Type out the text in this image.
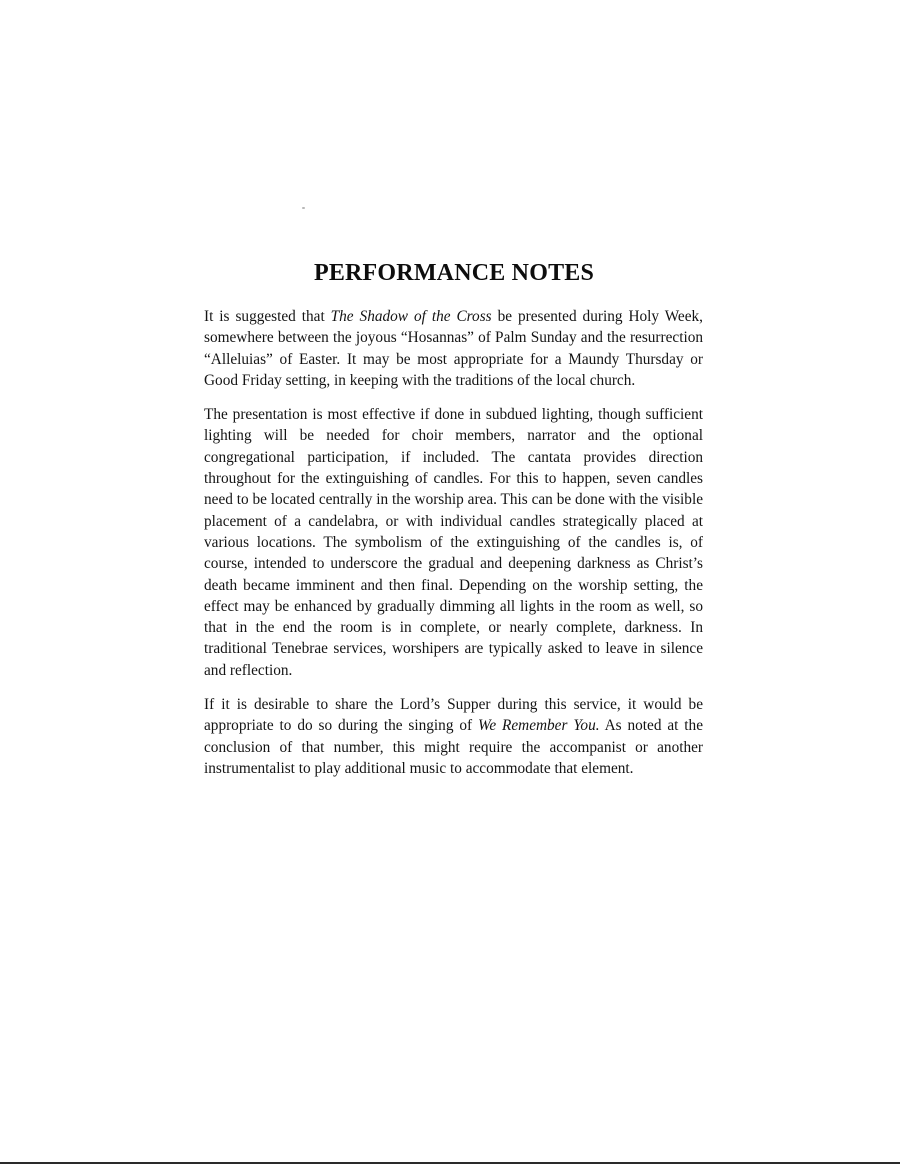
PERFORMANCE NOTES

It is suggested that The Shadow of the Cross be presented during Holy Week, somewhere between the joyous “Hosannas” of Palm Sunday and the resurrection “Alleluias” of Easter. It may be most appropriate for a Maundy Thursday or Good Friday setting, in keeping with the traditions of the local church.

The presentation is most effective if done in subdued lighting, though sufficient lighting will be needed for choir members, narrator and the optional congregational participation, if included. The cantata provides direction throughout for the extinguishing of candles. For this to happen, seven candles need to be located centrally in the worship area. This can be done with the visible placement of a candelabra, or with individual candles strategically placed at various locations. The symbolism of the extinguishing of the candles is, of course, intended to underscore the gradual and deepening darkness as Christ’s death became imminent and then final. Depending on the worship setting, the effect may be enhanced by gradually dimming all lights in the room as well, so that in the end the room is in complete, or nearly complete, darkness. In traditional Tenebrae services, worshipers are typically asked to leave in silence and reflection.

If it is desirable to share the Lord’s Supper during this service, it would be appropriate to do so during the singing of We Remember You. As noted at the conclusion of that number, this might require the accompanist or another instrumentalist to play additional music to accommodate that element.
